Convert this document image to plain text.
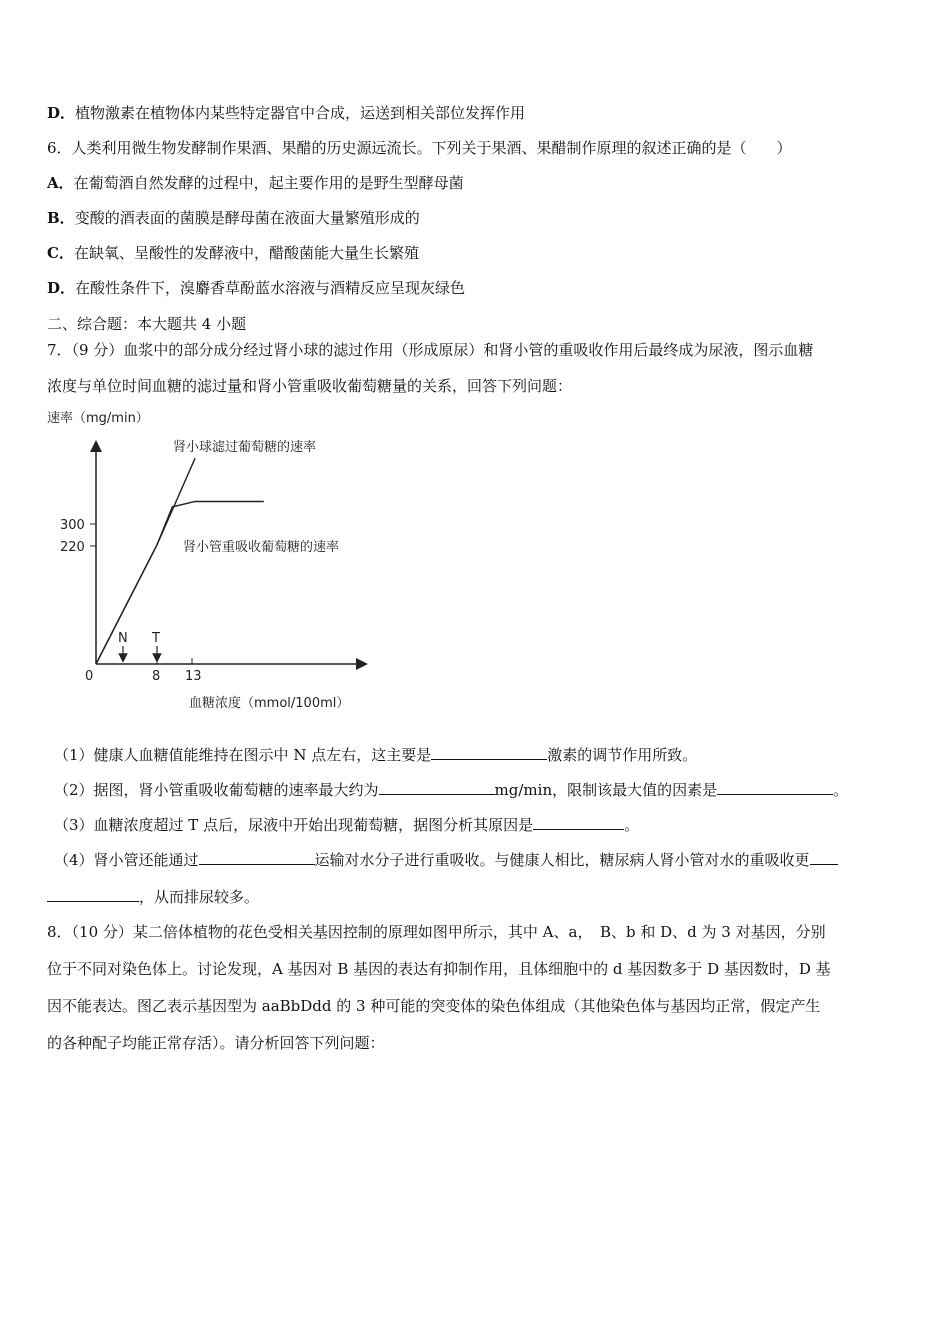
D．植物激素在植物体内某些特定器官中合成，运送到相关部位发挥作用
6．人类利用微生物发酵制作果酒、果醋的历史源远流长。下列关于果酒、果醋制作原理的叙述正确的是（　　）
A．在葡萄酒自然发酵的过程中，起主要作用的是野生型酵母菌
B．变酸的酒表面的菌膜是酵母菌在液面大量繁殖形成的
C．在缺氧、呈酸性的发酵液中，醋酸菌能大量生长繁殖
D．在酸性条件下，溴麝香草酚蓝水溶液与酒精反应呈现灰绿色
二、综合题：本大题共 4 小题
7．（9 分）血浆中的部分成分经过肾小球的滤过作用（形成原尿）和肾小管的重吸收作用后最终成为尿液，图示血糖
浓度与单位时间血糖的滤过量和肾小管重吸收葡萄糖量的关系，回答下列问题：
速率（mg/min）
300
220
0	8 13
N T
肾小球滤过葡萄糖的速率
肾小管重吸收葡萄糖的速率
血糖浓度（mmol/100ml）
（1）健康人血糖值能维持在图示中 N 点左右，这主要是	激素的调节作用所致。
（2）据图，肾小管重吸收葡萄糖的速率最大约为	mg/min，限制该最大值的因素是	。
（3）血糖浓度超过 T 点后，尿液中开始出现葡萄糖，据图分析其原因是	。
（4）肾小管还能通过	运输对水分子进行重吸收。与健康人相比，糖尿病人肾小管对水的重吸收更
，从而排尿较多。
8．（10 分）某二倍体植物的花色受相关基因控制的原理如图甲所示，其中 A、a，　B、b 和 D、d 为 3 对基因，分别
位于不同对染色体上。讨论发现，A 基因对 B 基因的表达有抑制作用，且体细胞中的 d 基因数多于 D 基因数时，D 基
因不能表达。图乙表示基因型为 aaBbDdd 的 3 种可能的突变体的染色体组成（其他染色体与基因均正常，假定产生
的各种配子均能正常存活）。请分析回答下列问题：
